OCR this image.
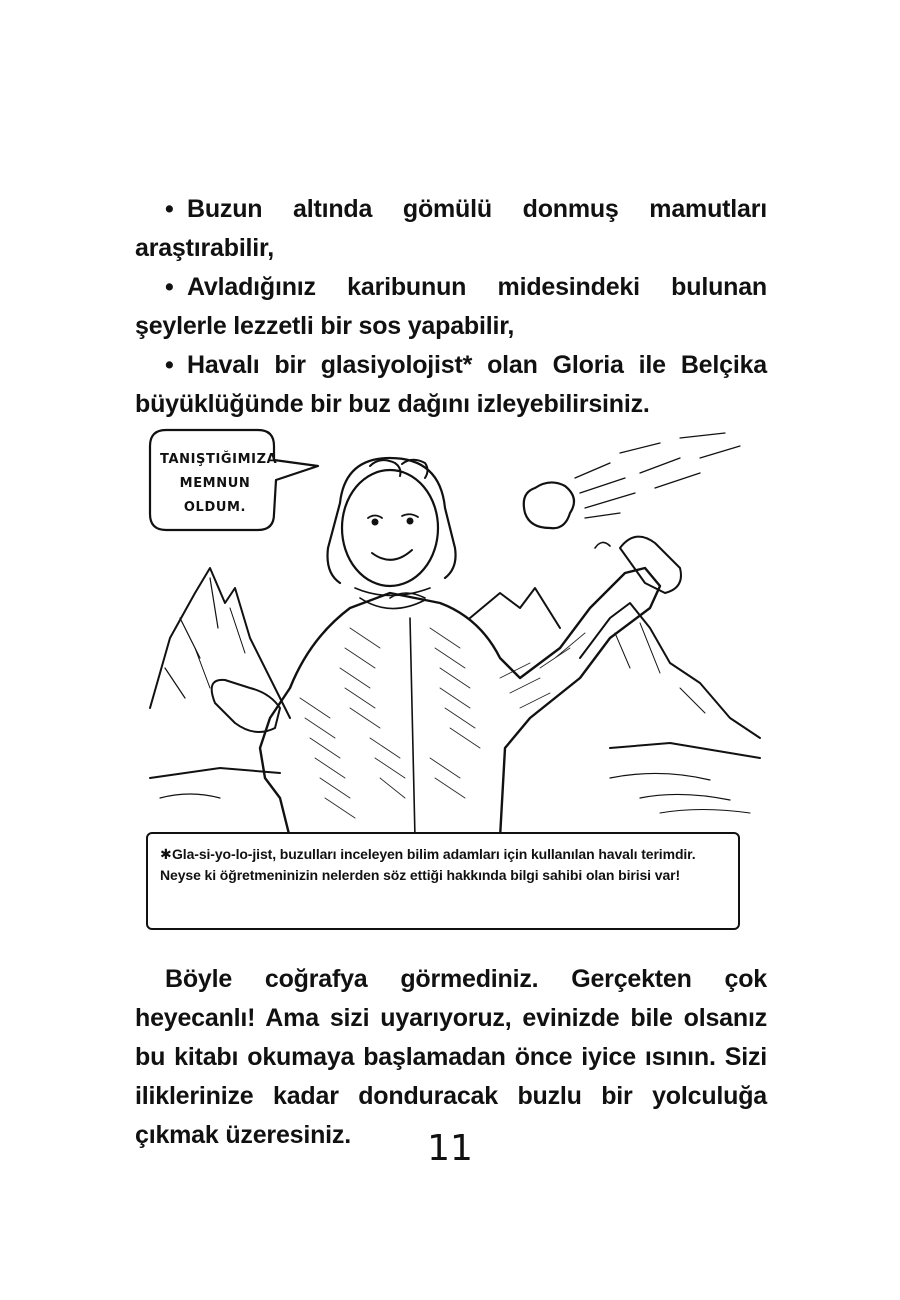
• Buzun altında gömülü donmuş mamutları araştırabilir,

• Avladığınız karibunun midesindeki bulunan şeylerle lezzetli bir sos yapabilir,

• Havalı bir glasiyolojist* olan Gloria ile Belçika büyüklüğünde bir buz dağını izleyebilirsiniz.

TANIŞTIĞIMIZA
MEMNUN OLDUM.

✱Gla-si-yo-lo-jist, buzulları inceleyen bilim adamları için kullanılan havalı terimdir.

Neyse ki öğretmeninizin nelerden söz ettiği hakkında bilgi sahibi olan birisi var!

Böyle coğrafya görmediniz. Gerçekten çok heyecanlı! Ama sizi uyarıyoruz, evinizde bile olsanız bu kitabı okumaya başlamadan önce iyice ısının. Sizi iliklerinize kadar donduracak buzlu bir yolculuğa çıkmak üzeresiniz.	11
